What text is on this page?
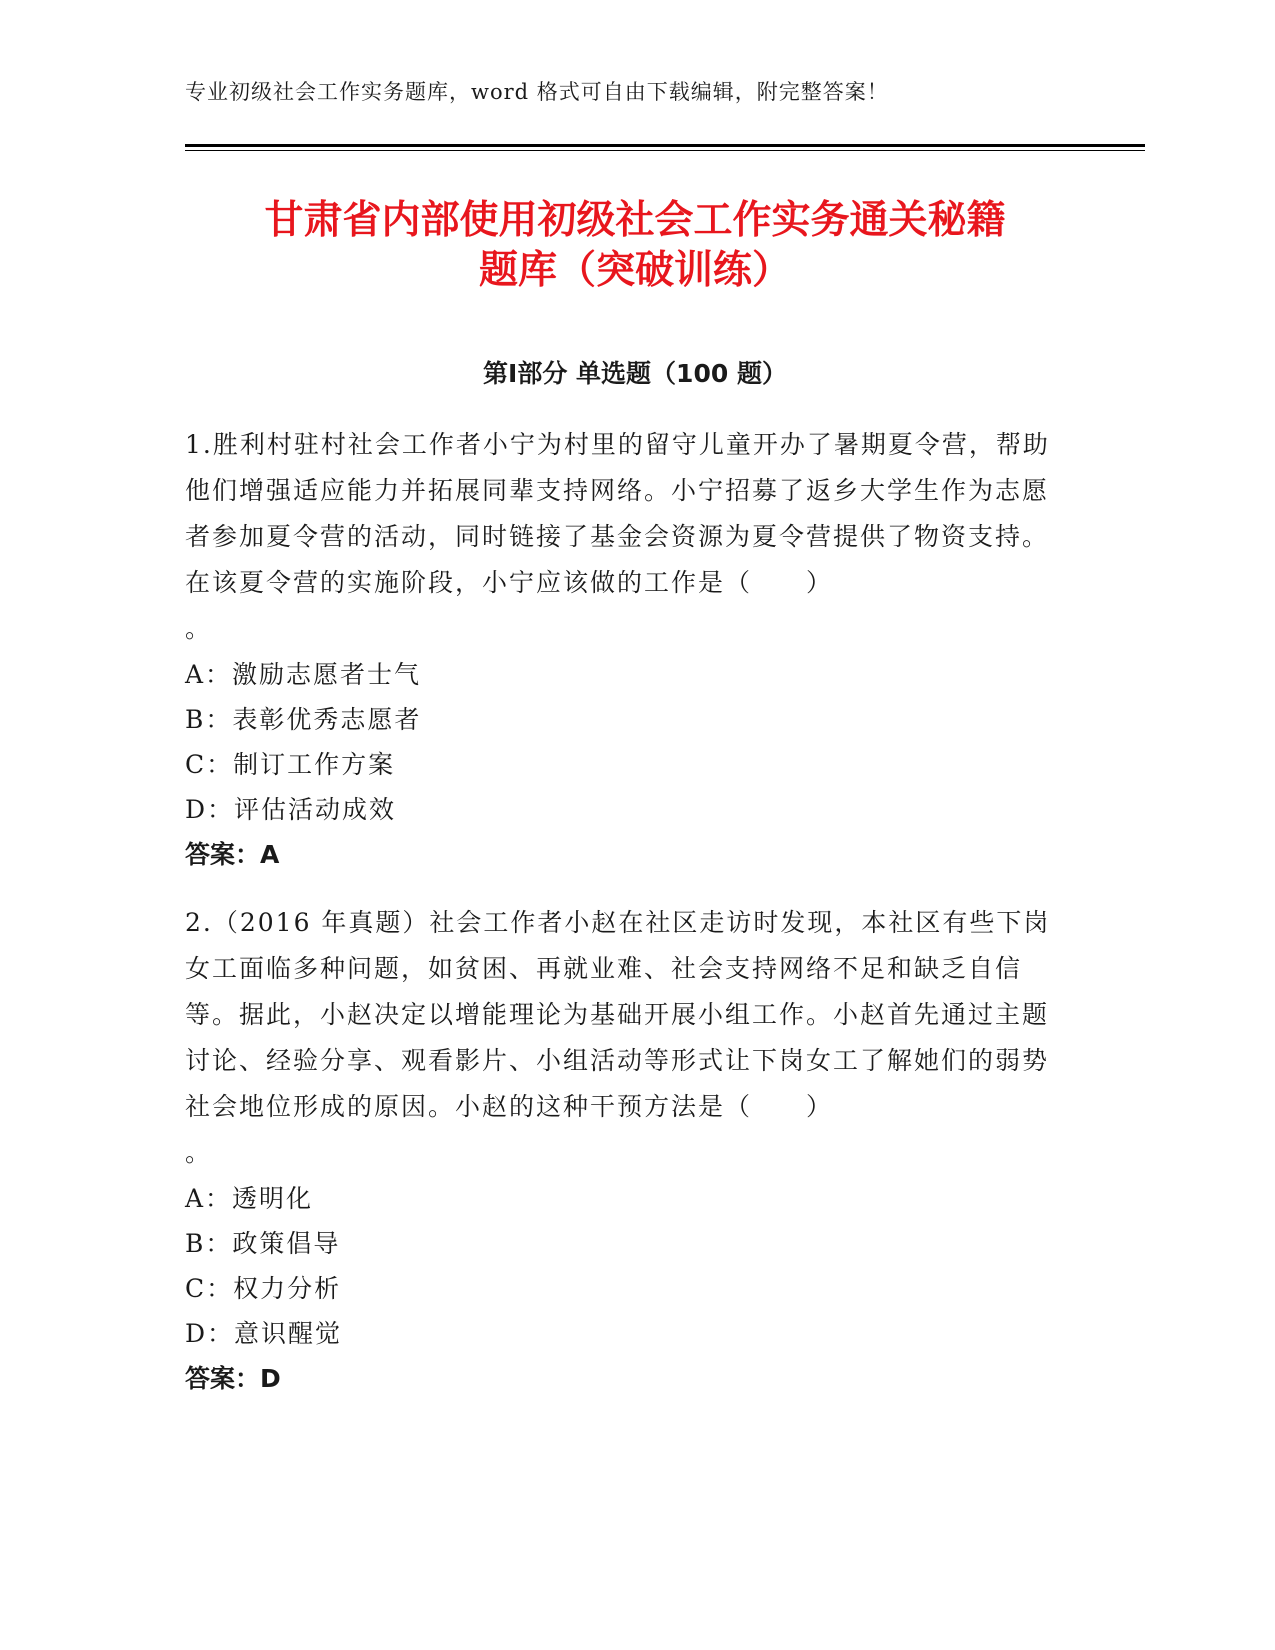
专业初级社会工作实务题库，word 格式可自由下载编辑，附完整答案！
甘肃省内部使用初级社会工作实务通关秘籍
题库（突破训练）
第Ⅰ部分 单选题（100 题）

1.胜利村驻村社会工作者小宁为村里的留守儿童开办了暑期夏令营，帮助他们增强适应能力并拓展同辈支持网络。小宁招募了返乡大学生作为志愿者参加夏令营的活动，同时链接了基金会资源为夏令营提供了物资支持。在该夏令营的实施阶段，小宁应该做的工作是（　　）

。

A：激励志愿者士气
B：表彰优秀志愿者
C：制订工作方案
D：评估活动成效
答案：A

2.（2016 年真题）社会工作者小赵在社区走访时发现，本社区有些下岗女工面临多种问题，如贫困、再就业难、社会支持网络不足和缺乏自信等。据此，小赵决定以增能理论为基础开展小组工作。小赵首先通过主题讨论、经验分享、观看影片、小组活动等形式让下岗女工了解她们的弱势社会地位形成的原因。小赵的这种干预方法是（　　）

。

A：透明化
B：政策倡导
C：权力分析
D：意识醒觉
答案：D
